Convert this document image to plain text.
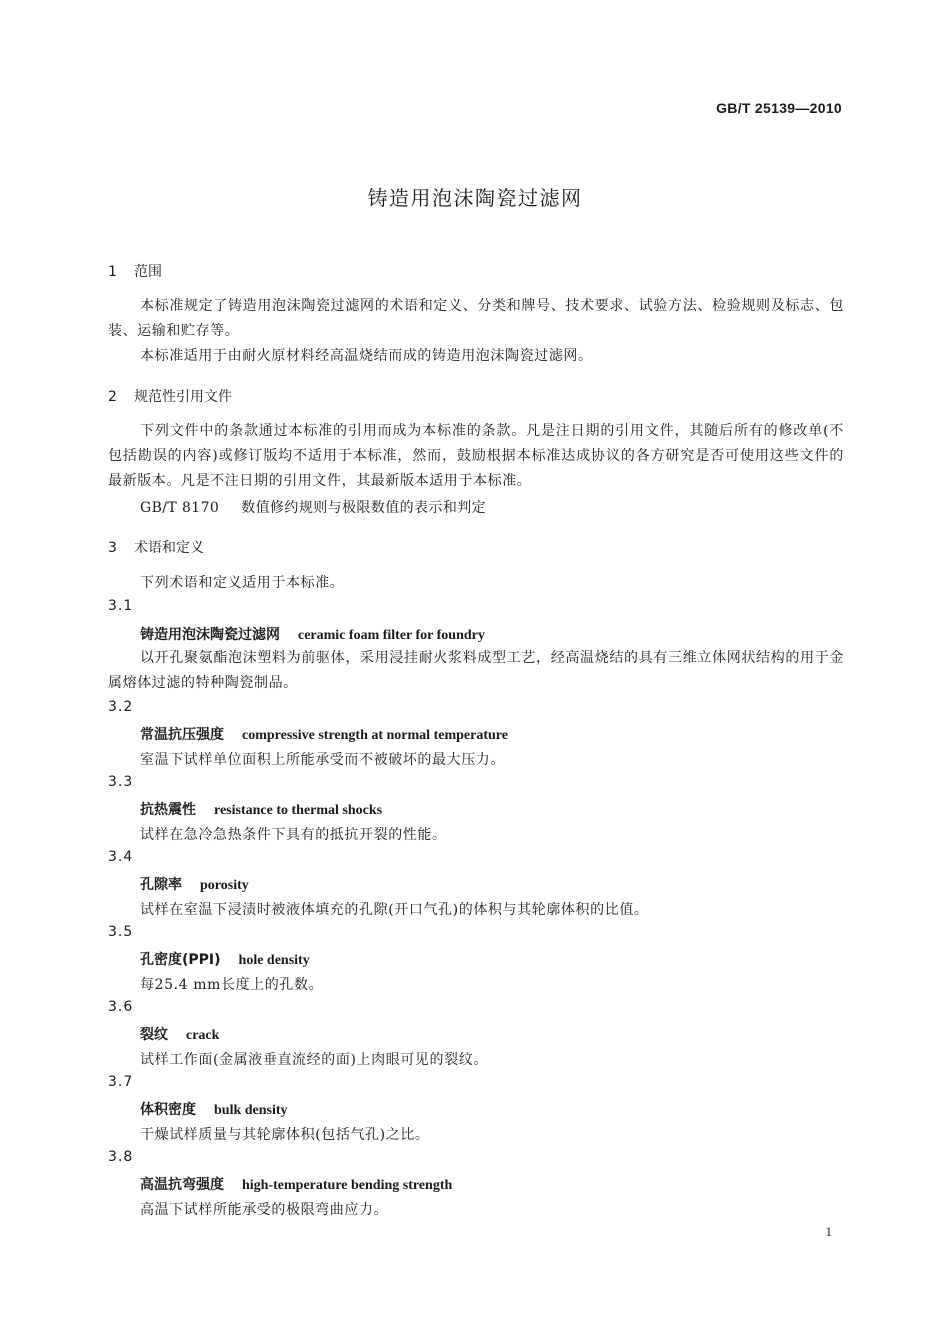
GB/T 25139—2010
铸造用泡沫陶瓷过滤网
1 范围
本标准规定了铸造用泡沫陶瓷过滤网的术语和定义、分类和牌号、技术要求、试验方法、检验规则及标志、包装、运输和贮存等。
本标准适用于由耐火原材料经高温烧结而成的铸造用泡沫陶瓷过滤网。
2 规范性引用文件
下列文件中的条款通过本标准的引用而成为本标准的条款。凡是注日期的引用文件，其随后所有的修改单(不包括勘误的内容)或修订版均不适用于本标准，然而，鼓励根据本标准达成协议的各方研究是否可使用这些文件的最新版本。凡是不注日期的引用文件，其最新版本适用于本标准。
GB/T 8170 数值修约规则与极限数值的表示和判定
3 术语和定义
下列术语和定义适用于本标准。
3.1
铸造用泡沫陶瓷过滤网 ceramic foam filter for foundry
以开孔聚氨酯泡沫塑料为前驱体，采用浸挂耐火浆料成型工艺，经高温烧结的具有三维立体网状结构的用于金属熔体过滤的特种陶瓷制品。
3.2
常温抗压强度 compressive strength at normal temperature
室温下试样单位面积上所能承受而不被破坏的最大压力。
3.3
抗热震性 resistance to thermal shocks
试样在急冷急热条件下具有的抵抗开裂的性能。
3.4
孔隙率 porosity
试样在室温下浸渍时被液体填充的孔隙(开口气孔)的体积与其轮廓体积的比值。
3.5
孔密度(PPI) hole density
每25.4 mm长度上的孔数。
3.6
裂纹 crack
试样工作面(金属液垂直流经的面)上肉眼可见的裂纹。
3.7
体积密度 bulk density
干燥试样质量与其轮廓体积(包括气孔)之比。
3.8
高温抗弯强度 high-temperature bending strength
高温下试样所能承受的极限弯曲应力。
1
